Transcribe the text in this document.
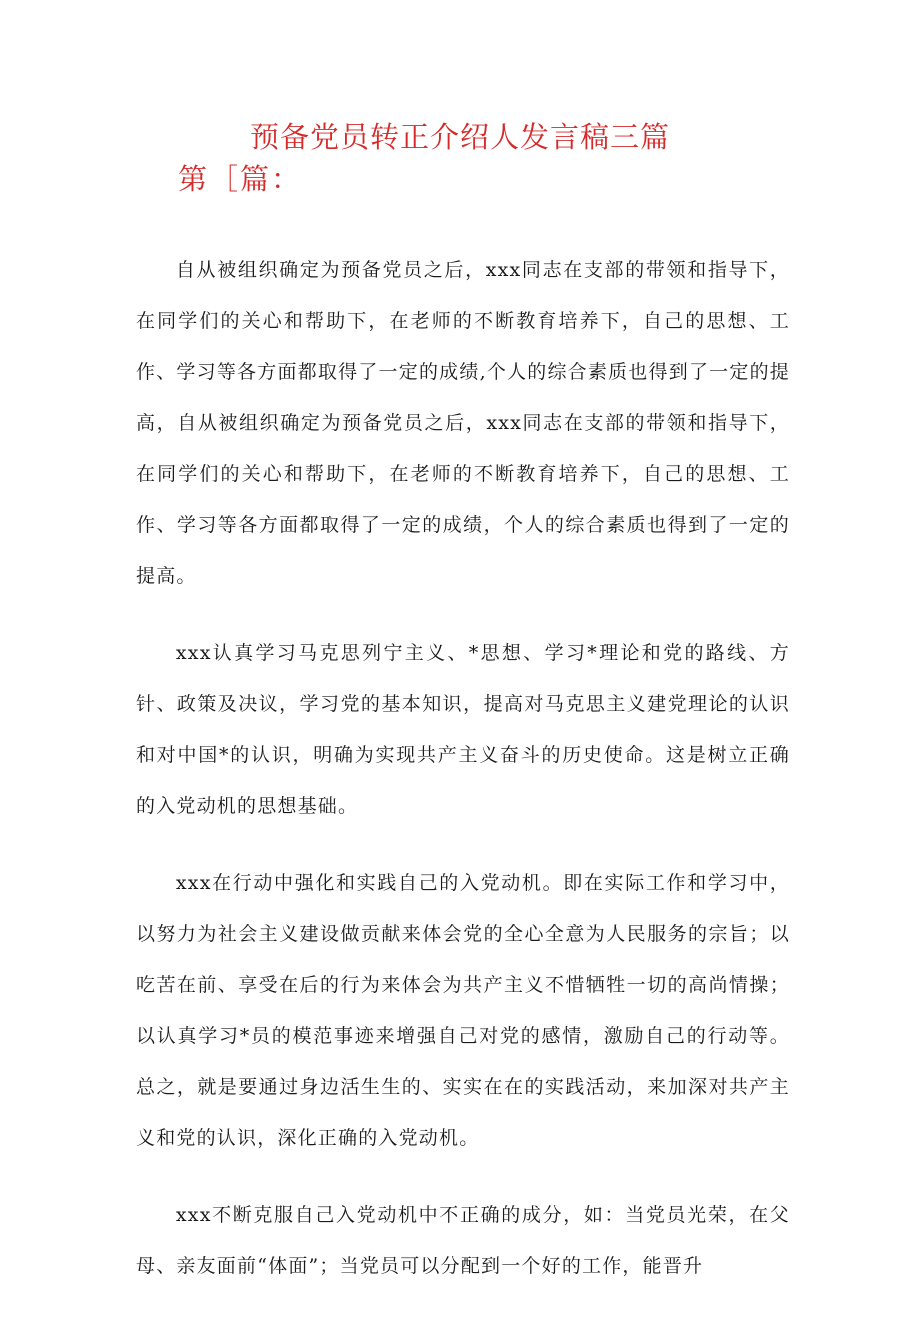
预备党员转正介绍人发言稿三篇
第［篇：

自从被组织确定为预备党员之后，xxx同志在支部的带领和指导下，在同学们的关心和帮助下，在老师的不断教育培养下，自己的思想、工作、学习等各方面都取得了一定的成绩,个人的综合素质也得到了一定的提高，自从被组织确定为预备党员之后，xxx同志在支部的带领和指导下，在同学们的关心和帮助下，在老师的不断教育培养下，自己的思想、工作、学习等各方面都取得了一定的成绩，个人的综合素质也得到了一定的提高。

xxx认真学习马克思列宁主义、*思想、学习*理论和党的路线、方针、政策及决议，学习党的基本知识，提高对马克思主义建党理论的认识和对中国*的认识，明确为实现共产主义奋斗的历史使命。这是树立正确的入党动机的思想基础。

xxx在行动中强化和实践自己的入党动机。即在实际工作和学习中，以努力为社会主义建设做贡献来体会党的全心全意为人民服务的宗旨；以吃苦在前、享受在后的行为来体会为共产主义不惜牺牲一切的高尚情操；以认真学习*员的模范事迹来增强自己对党的感情，激励自己的行动等。总之，就是要通过身边活生生的、实实在在的实践活动，来加深对共产主义和党的认识，深化正确的入党动机。

xxx不断克服自己入党动机中不正确的成分，如：当党员光荣，在父母、亲友面前“体面”；当党员可以分配到一个好的工作，能晋升
